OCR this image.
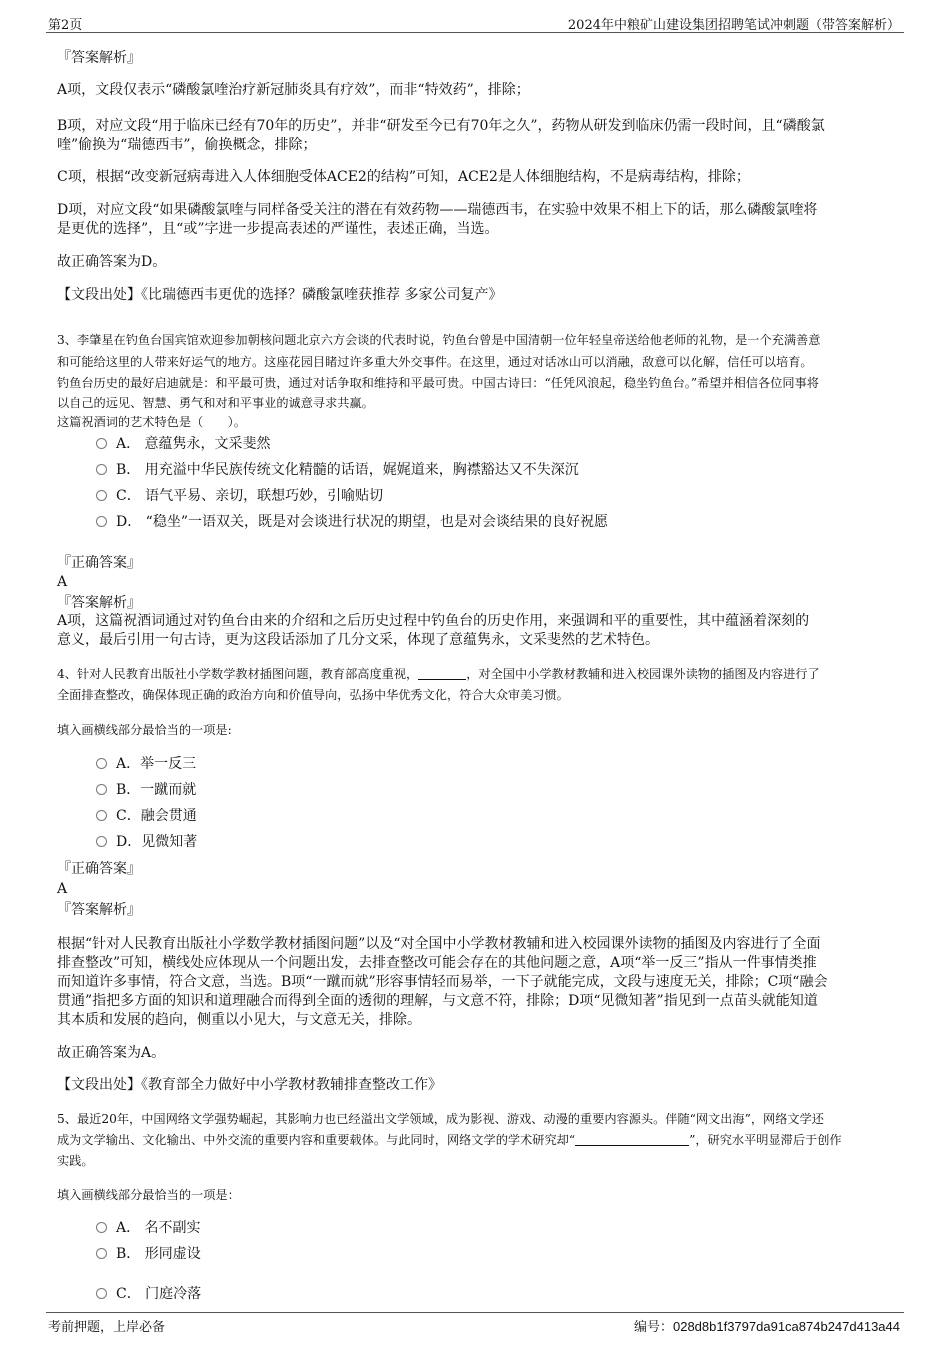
第2页	2024年中粮矿山建设集团招聘笔试冲刺题（带答案解析）
『答案解析』
A项，文段仅表示“磷酸氯喹治疗新冠肺炎具有疗效”，而非“特效药”，排除；
B项，对应文段“用于临床已经有70年的历史”，并非“研发至今已有70年之久”，药物从研发到临床仍需一段时间，且“磷酸氯
喹”偷换为“瑞德西韦”，偷换概念，排除；
C项，根据“改变新冠病毒进入人体细胞受体ACE2的结构”可知，ACE2是人体细胞结构，不是病毒结构，排除；
D项，对应文段“如果磷酸氯喹与同样备受关注的潜在有效药物——瑞德西韦，在实验中效果不相上下的话，那么磷酸氯喹将
是更优的选择”，且“或”字进一步提高表述的严谨性，表述正确，当选。
故正确答案为D。
【文段出处】《比瑞德西韦更优的选择？磷酸氯喹获推荐 多家公司复产》
3、李肇星在钓鱼台国宾馆欢迎参加朝核问题北京六方会谈的代表时说，钓鱼台曾是中国清朝一位年轻皇帝送给他老师的礼物，是一个充满善意
和可能给这里的人带来好运气的地方。这座花园目睹过许多重大外交事件。在这里，通过对话冰山可以消融，敌意可以化解，信任可以培育。
钓鱼台历史的最好启迪就是：和平最可贵，通过对话争取和维持和平最可贵。中国古诗曰：“任凭风浪起，稳坐钓鱼台。”希望并相信各位同事将
以自己的远见、智慧、勇气和对和平事业的诚意寻求共赢。
这篇祝酒词的艺术特色是（　　）。
A． 意蕴隽永，文采斐然
B． 用充溢中华民族传统文化精髓的话语，娓娓道来，胸襟豁达又不失深沉
C． 语气平易、亲切，联想巧妙，引喻贴切
D． “稳坐”一语双关，既是对会谈进行状况的期望，也是对会谈结果的良好祝愿
『正确答案』
A
『答案解析』
A项，这篇祝酒词通过对钓鱼台由来的介绍和之后历史过程中钓鱼台的历史作用，来强调和平的重要性，其中蕴涵着深刻的
意义，最后引用一句古诗，更为这段话添加了几分文采，体现了意蕴隽永，文采斐然的艺术特色。
4、针对人民教育出版社小学数学教材插图问题，教育部高度重视，	，对全国中小学教材教辅和进入校园课外读物的插图及内容进行了
全面排查整改，确保体现正确的政治方向和价值导向，弘扬中华优秀文化，符合大众审美习惯。
填入画横线部分最恰当的一项是:
A．举一反三
B．一蹴而就
C．融会贯通
D．见微知著
『正确答案』
A
『答案解析』
根据“针对人民教育出版社小学数学教材插图问题”以及“对全国中小学教材教辅和进入校园课外读物的插图及内容进行了全面
排查整改”可知，横线处应体现从一个问题出发，去排查整改可能会存在的其他问题之意，A项“举一反三”指从一件事情类推
而知道许多事情，符合文意，当选。B项“一蹴而就”形容事情轻而易举，一下子就能完成，文段与速度无关，排除；C项“融会
贯通”指把多方面的知识和道理融合而得到全面的透彻的理解，与文意不符，排除；D项“见微知著”指见到一点苗头就能知道
其本质和发展的趋向，侧重以小见大，与文意无关，排除。
故正确答案为A。
【文段出处】《教育部全力做好中小学教材教辅排查整改工作》
5、最近20年，中国网络文学强势崛起，其影响力也已经溢出文学领域，成为影视、游戏、动漫的重要内容源头。伴随“网文出海”，网络文学还
成为文学输出、文化输出、中外交流的重要内容和重要载体。与此同时，网络文学的学术研究却“	”，研究水平明显滞后于创作
实践。
填入画横线部分最恰当的一项是：
A． 名不副实
B． 形同虚设
C． 门庭冷落
考前押题，上岸必备	编号：028d8b1f3797da91ca874b247d413a44
